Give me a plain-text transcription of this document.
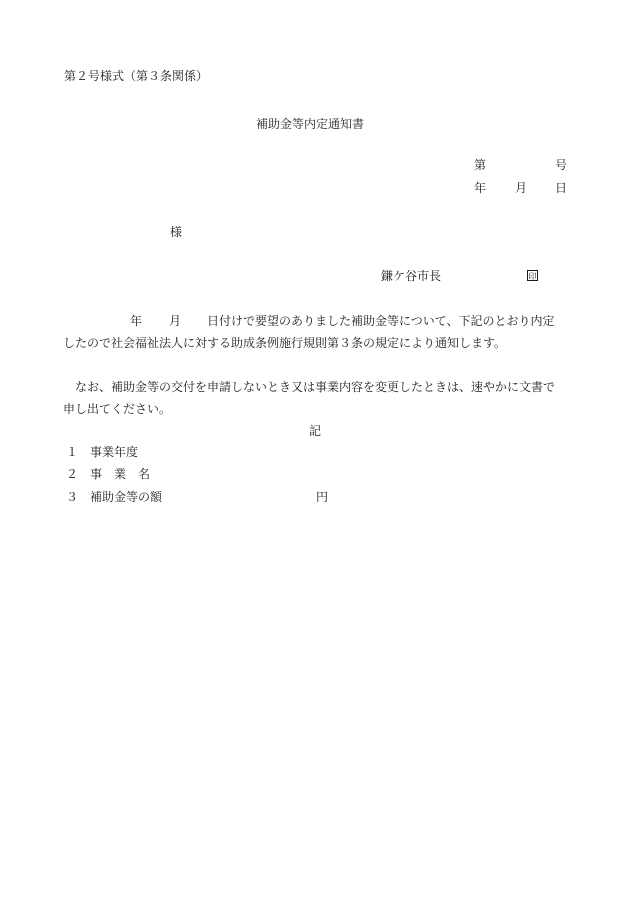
第２号様式（第３条関係）
補助金等内定通知書
第	号
年 月 日
様
鎌ケ谷市長	印
年 月 日付けで要望のありました補助金等について、下記のとおり内定したので社会福祉法人に対する助成条例施行規則第３条の規定により通知します。
なお、補助金等の交付を申請しないとき又は事業内容を変更したときは、速やかに文書で申し出てください。
記
１ 事業年度
２ 事　業　名
３ 補助金等の額	円
